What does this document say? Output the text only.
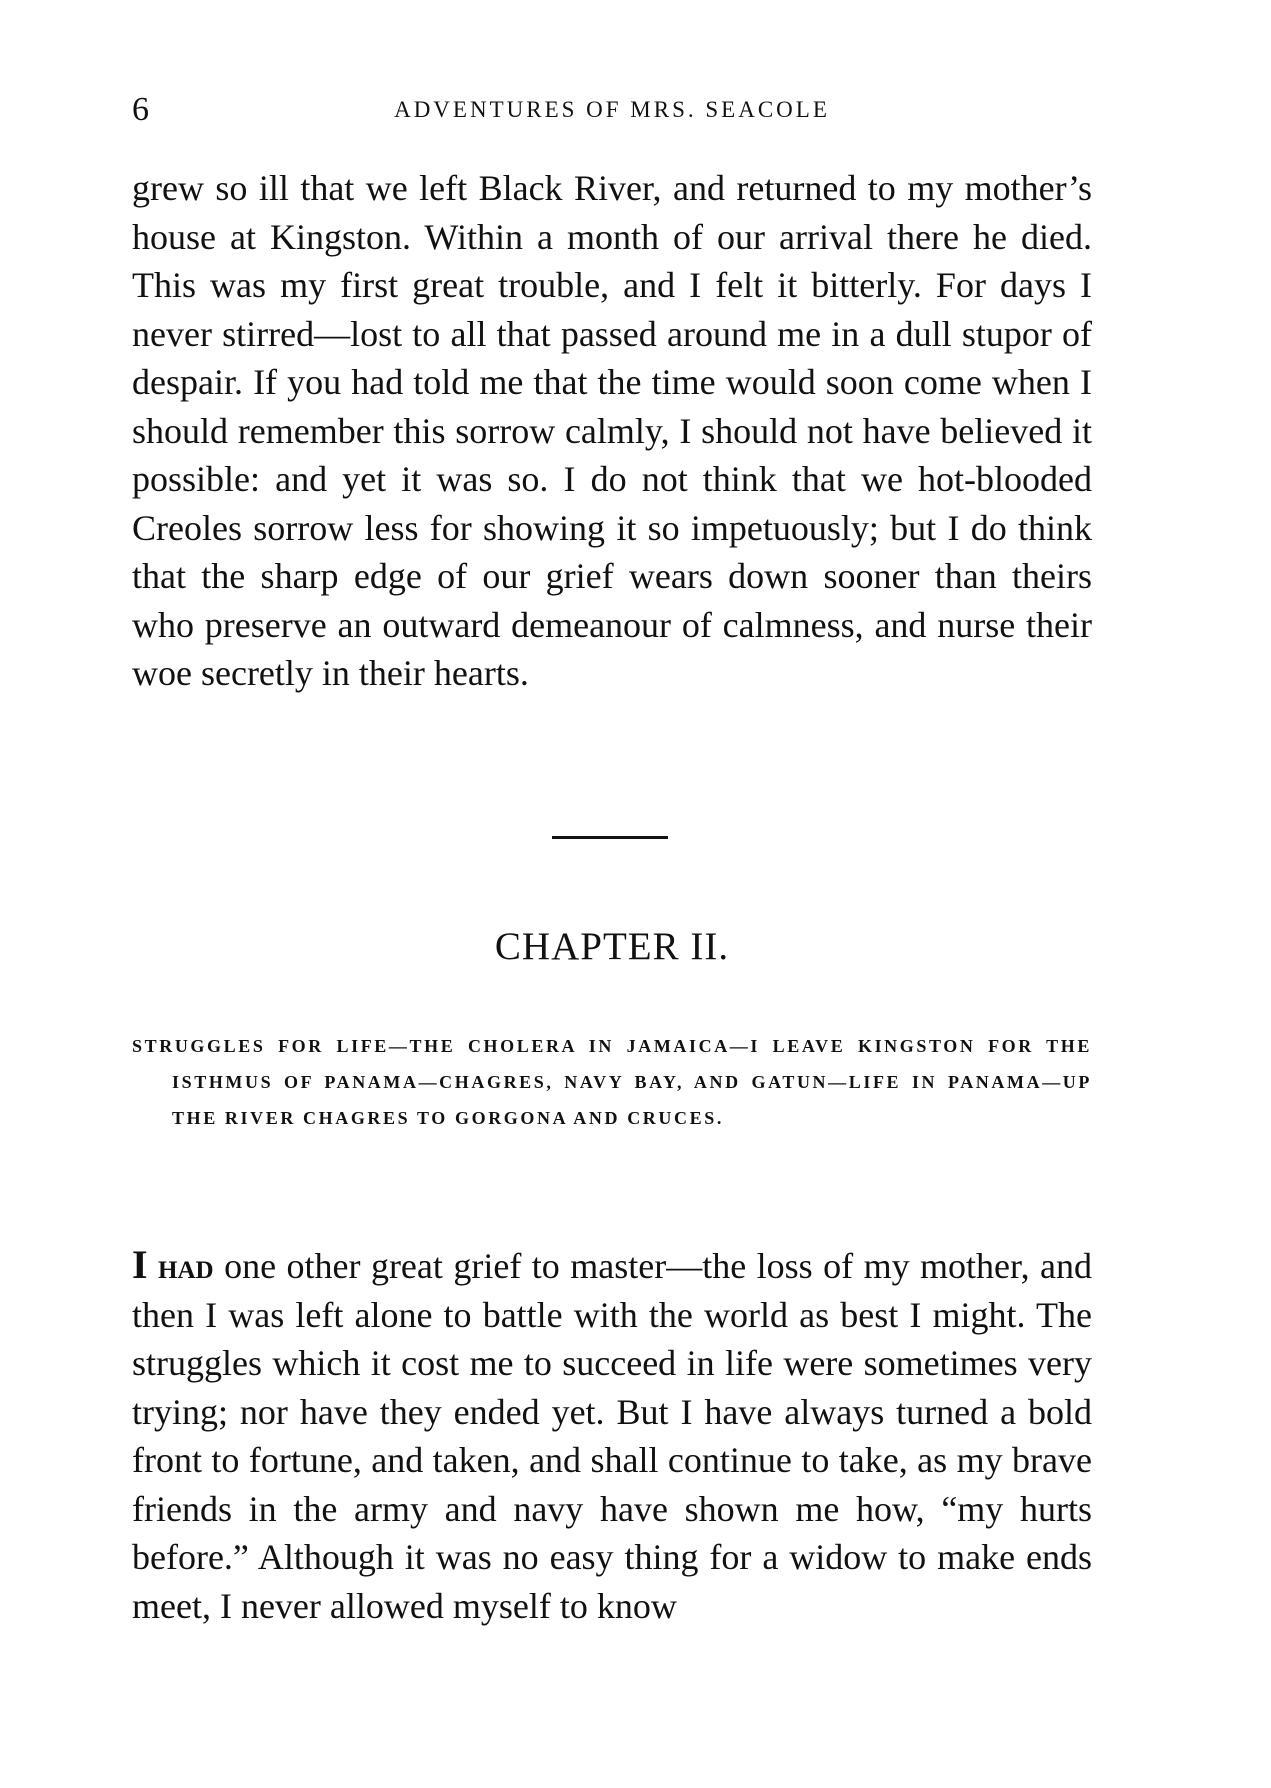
6	ADVENTURES OF MRS. SEACOLE

grew so ill that we left Black River, and returned to my mother’s house at Kingston. Within a month of our arrival there he died. This was my first great trouble, and I felt it bitterly. For days I never stirred—lost to all that passed around me in a dull stupor of despair. If you had told me that the time would soon come when I should remember this sorrow calmly, I should not have believed it possible: and yet it was so. I do not think that we hot-blooded Creoles sorrow less for showing it so impetuously; but I do think that the sharp edge of our grief wears down sooner than theirs who preserve an outward demeanour of calmness, and nurse their woe secretly in their hearts.

CHAPTER II.

STRUGGLES FOR LIFE—THE CHOLERA IN JAMAICA—I LEAVE KINGSTON FOR THE ISTHMUS OF PANAMA—CHAGRES, NAVY BAY, AND GATUN—LIFE IN PANAMA—UP THE RIVER CHAGRES TO GORGONA AND CRUCES.

I had one other great grief to master—the loss of my mother, and then I was left alone to battle with the world as best I might. The struggles which it cost me to succeed in life were sometimes very trying; nor have they ended yet. But I have always turned a bold front to fortune, and taken, and shall continue to take, as my brave friends in the army and navy have shown me how, “my hurts before.” Although it was no easy thing for a widow to make ends meet, I never allowed myself to know
